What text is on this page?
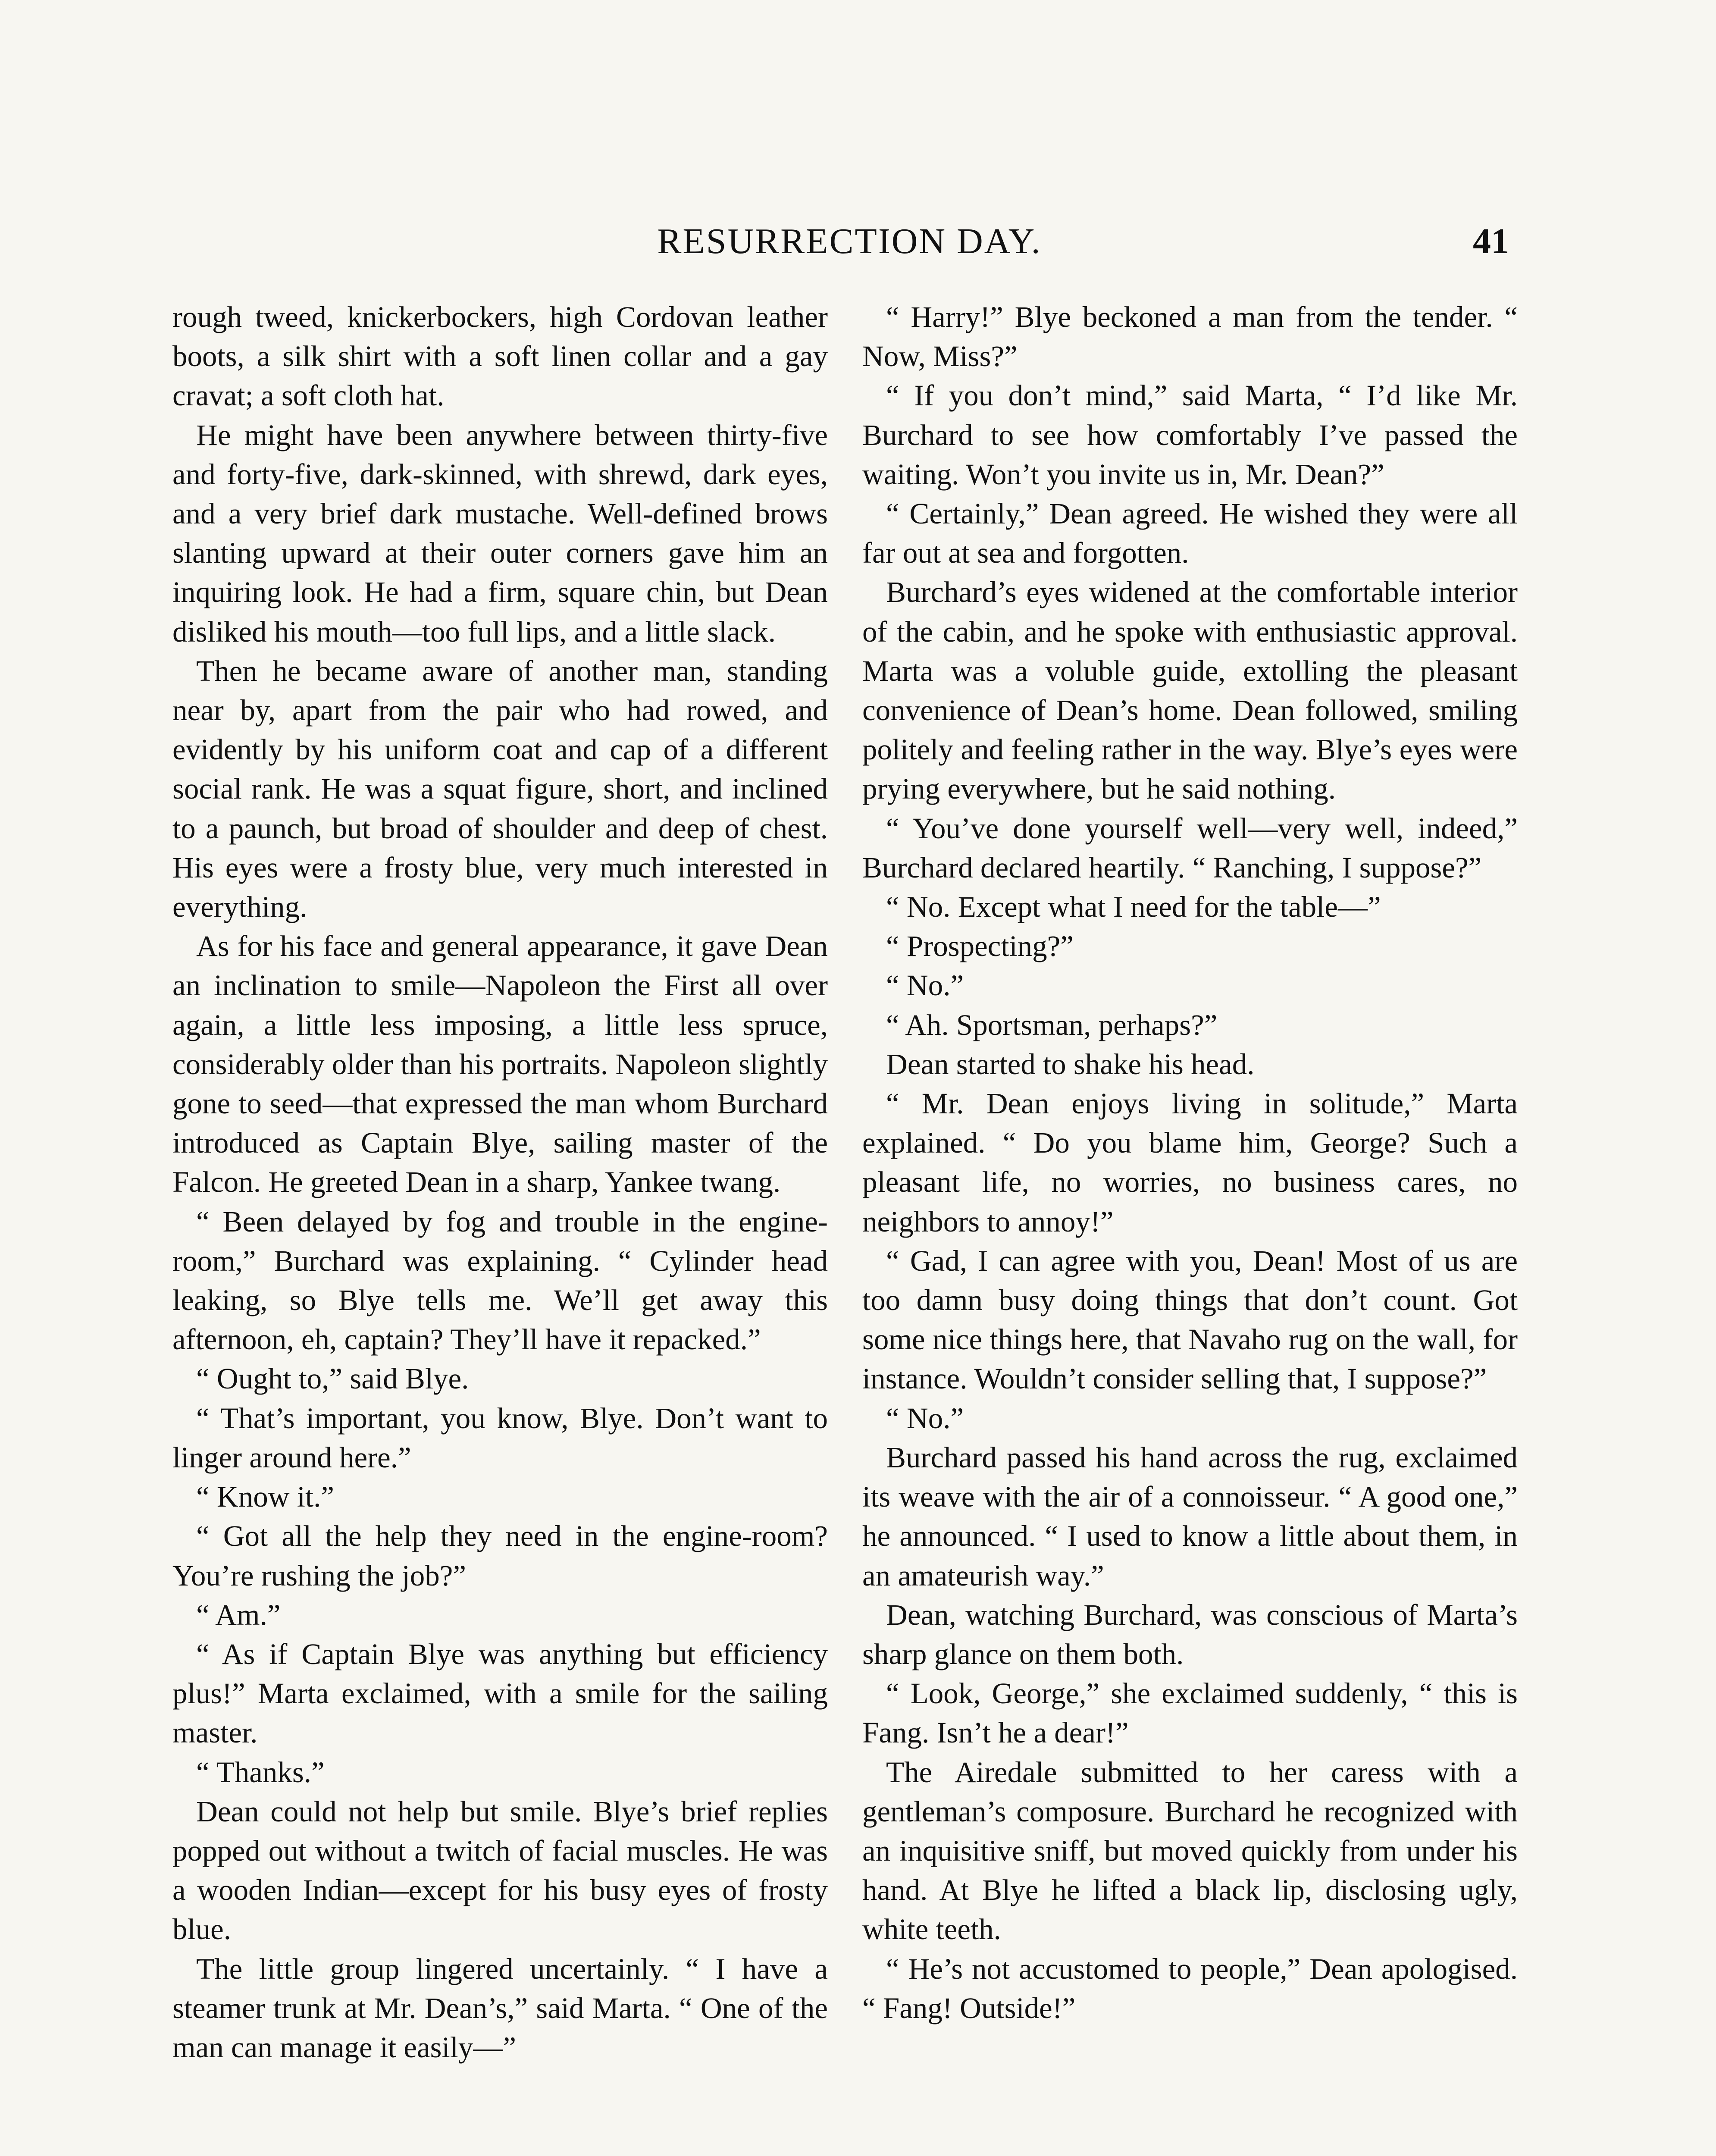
RESURRECTION DAY.	41

rough tweed, knickerbockers, high Cordovan leather boots, a silk shirt with a soft linen collar and a gay cravat; a soft cloth hat.

He might have been anywhere between thirty-five and forty-five, dark-skinned, with shrewd, dark eyes, and a very brief dark mustache. Well-defined brows slanting upward at their outer corners gave him an inquiring look. He had a firm, square chin, but Dean disliked his mouth—too full lips, and a little slack.

Then he became aware of another man, standing near by, apart from the pair who had rowed, and evidently by his uniform coat and cap of a different social rank. He was a squat figure, short, and inclined to a paunch, but broad of shoulder and deep of chest. His eyes were a frosty blue, very much interested in everything.

As for his face and general appearance, it gave Dean an inclination to smile—Napoleon the First all over again, a little less imposing, a little less spruce, considerably older than his portraits. Napoleon slightly gone to seed—that expressed the man whom Burchard introduced as Captain Blye, sailing master of the Falcon. He greeted Dean in a sharp, Yankee twang.

“ Been delayed by fog and trouble in the engine-room,” Burchard was explaining. “ Cylinder head leaking, so Blye tells me. We’ll get away this afternoon, eh, captain? They’ll have it repacked.”

“ Ought to,” said Blye.

“ That’s important, you know, Blye. Don’t want to linger around here.”

“ Know it.”

“ Got all the help they need in the engine-room? You’re rushing the job?”

“ Am.”

“ As if Captain Blye was anything but efficiency plus!” Marta exclaimed, with a smile for the sailing master.

“ Thanks.”

Dean could not help but smile. Blye’s brief replies popped out without a twitch of facial muscles. He was a wooden Indian—except for his busy eyes of frosty blue.

The little group lingered uncertainly. “ I have a steamer trunk at Mr. Dean’s,” said Marta. “ One of the man can manage it easily—”

“ Harry!” Blye beckoned a man from the tender. “ Now, Miss?”

“ If you don’t mind,” said Marta, “ I’d like Mr. Burchard to see how comfortably I’ve passed the waiting. Won’t you invite us in, Mr. Dean?”

“ Certainly,” Dean agreed. He wished they were all far out at sea and forgotten.

Burchard’s eyes widened at the comfortable interior of the cabin, and he spoke with enthusiastic approval. Marta was a voluble guide, extolling the pleasant convenience of Dean’s home. Dean followed, smiling politely and feeling rather in the way. Blye’s eyes were prying everywhere, but he said nothing.

“ You’ve done yourself well—very well, indeed,” Burchard declared heartily. “ Ranching, I suppose?”

“ No. Except what I need for the table—”

“ Prospecting?”

“ No.”

“ Ah. Sportsman, perhaps?”

Dean started to shake his head.

“ Mr. Dean enjoys living in solitude,” Marta explained. “ Do you blame him, George? Such a pleasant life, no worries, no business cares, no neighbors to annoy!”

“ Gad, I can agree with you, Dean! Most of us are too damn busy doing things that don’t count. Got some nice things here, that Navaho rug on the wall, for instance. Wouldn’t consider selling that, I suppose?”

“ No.”

Burchard passed his hand across the rug, exclaimed its weave with the air of a connoisseur. “ A good one,” he announced. “ I used to know a little about them, in an amateurish way.”

Dean, watching Burchard, was conscious of Marta’s sharp glance on them both.

“ Look, George,” she exclaimed suddenly, “ this is Fang. Isn’t he a dear!”

The Airedale submitted to her caress with a gentleman’s composure. Burchard he recognized with an inquisitive sniff, but moved quickly from under his hand. At Blye he lifted a black lip, disclosing ugly, white teeth.

“ He’s not accustomed to people,” Dean apologised. “ Fang! Outside!”
